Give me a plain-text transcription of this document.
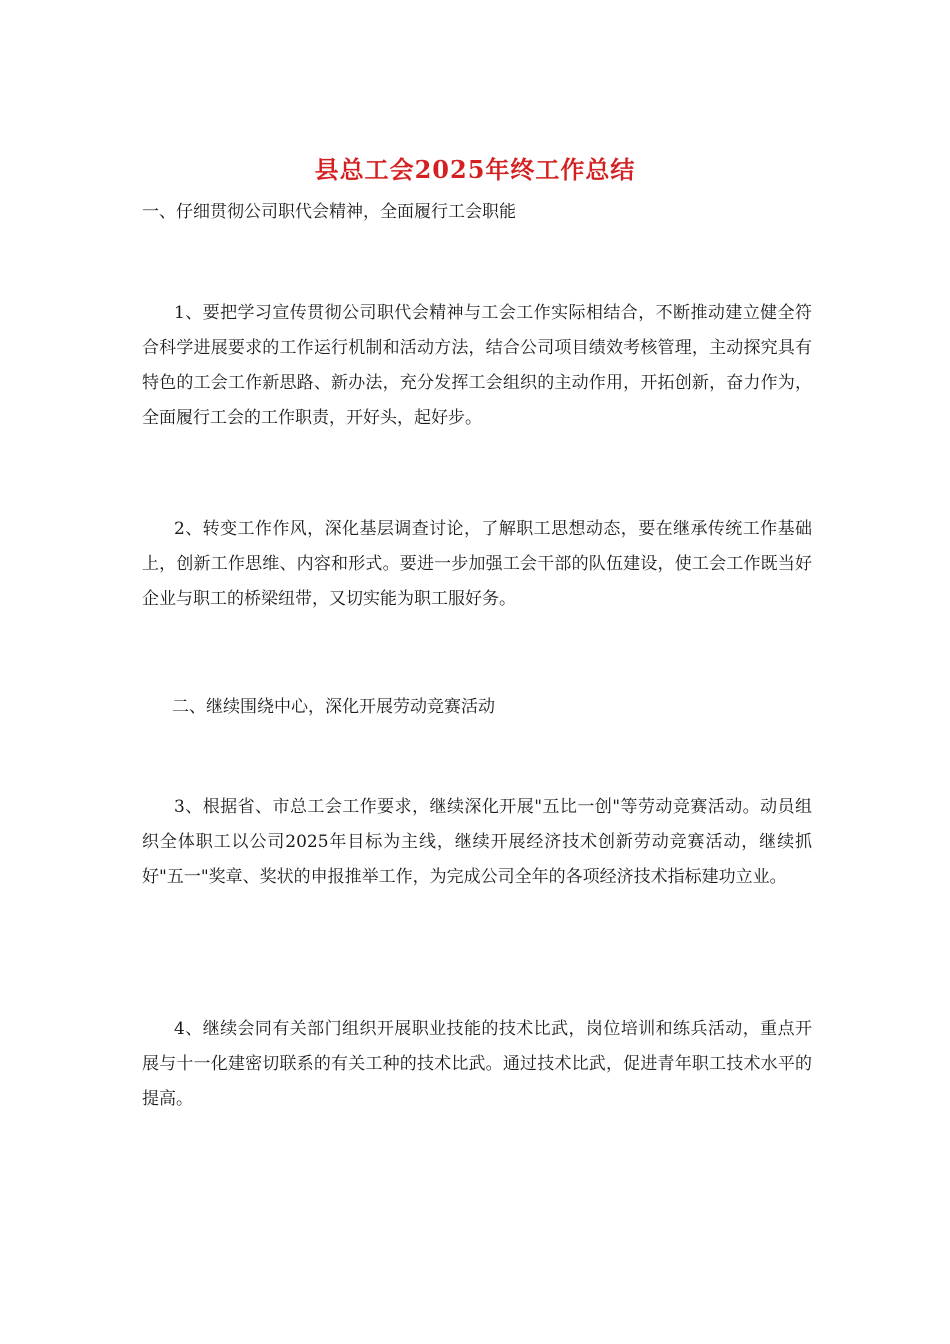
县总工会2025年终工作总结
一、仔细贯彻公司职代会精神，全面履行工会职能

1、要把学习宣传贯彻公司职代会精神与工会工作实际相结合，不断推动建立健全符合科学进展要求的工作运行机制和活动方法，结合公司项目绩效考核管理，主动探究具有特色的工会工作新思路、新办法，充分发挥工会组织的主动作用，开拓创新，奋力作为，全面履行工会的工作职责，开好头，起好步。

2、转变工作作风，深化基层调查讨论，了解职工思想动态，要在继承传统工作基础上，创新工作思维、内容和形式。要进一步加强工会干部的队伍建设，使工会工作既当好企业与职工的桥梁纽带，又切实能为职工服好务。

二、继续围绕中心，深化开展劳动竞赛活动

3、根据省、市总工会工作要求，继续深化开展"五比一创"等劳动竞赛活动。动员组织全体职工以公司2025年目标为主线，继续开展经济技术创新劳动竞赛活动，继续抓好"五一"奖章、奖状的申报推举工作，为完成公司全年的各项经济技术指标建功立业。

4、继续会同有关部门组织开展职业技能的技术比武，岗位培训和练兵活动，重点开展与十一化建密切联系的有关工种的技术比武。通过技术比武，促进青年职工技术水平的提高。
